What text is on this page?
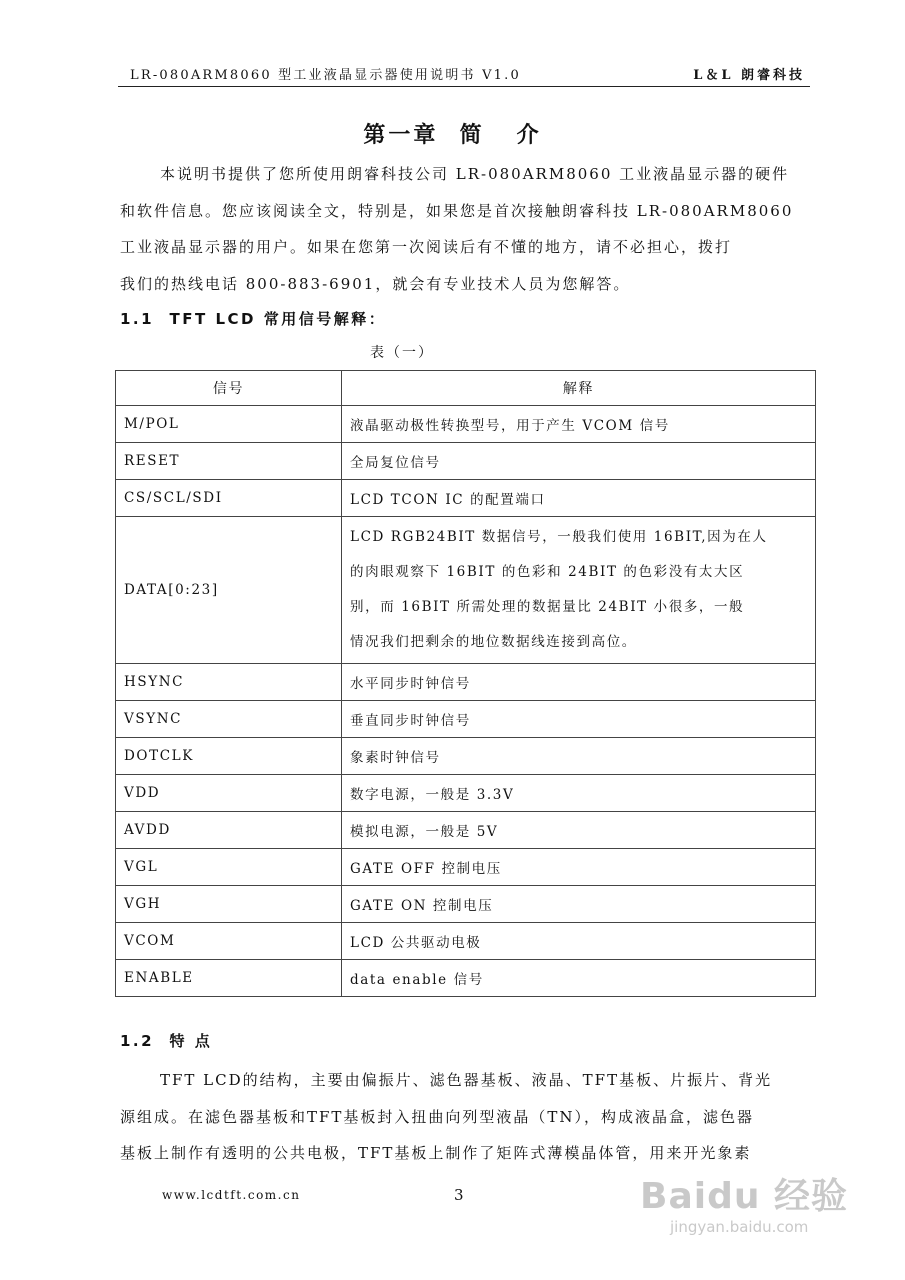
LR-080ARM8060 型工业液晶显示器使用说明书 V1.0	L＆L 朗睿科技
第一章  简   介

本说明书提供了您所使用朗睿科技公司 LR-080ARM8060 工业液晶显示器的硬件

和软件信息。您应该阅读全文，特别是，如果您是首次接触朗睿科技 LR-080ARM8060

工业液晶显示器的用户。如果在您第一次阅读后有不懂的地方，请不必担心，拨打

我们的热线电话 800-883-6901，就会有专业技术人员为您解答。

1.1  TFT LCD 常用信号解释：
表（一）
信号	解释
M/POL	液晶驱动极性转换型号，用于产生 VCOM 信号
RESET	全局复位信号
CS/SCL/SDI	LCD TCON IC 的配置端口
DATA[0:23]	LCD RGB24BIT 数据信号，一般我们使用 16BIT,因为在人
的肉眼观察下 16BIT 的色彩和 24BIT 的色彩没有太大区
别，而 16BIT 所需处理的数据量比 24BIT 小很多，一般
情况我们把剩余的地位数据线连接到高位。

HSYNC	水平同步时钟信号
VSYNC	垂直同步时钟信号
DOTCLK	象素时钟信号
VDD	数字电源，一般是 3.3V
AVDD	模拟电源，一般是 5V
VGL	GATE OFF 控制电压
VGH	GATE ON 控制电压
VCOM	LCD 公共驱动电极
ENABLE	data enable 信号
1.2  特 点

TFT LCD的结构，主要由偏振片、滤色器基板、液晶、TFT基板、片振片、背光

源组成。在滤色器基板和TFT基板封入扭曲向列型液晶（TN），构成液晶盒，滤色器

基板上制作有透明的公共电极，TFT基板上制作了矩阵式薄模晶体管，用来开光象素

www.lcdtft.com.cn	3	Baidu 经验
jingyan.baidu.com
